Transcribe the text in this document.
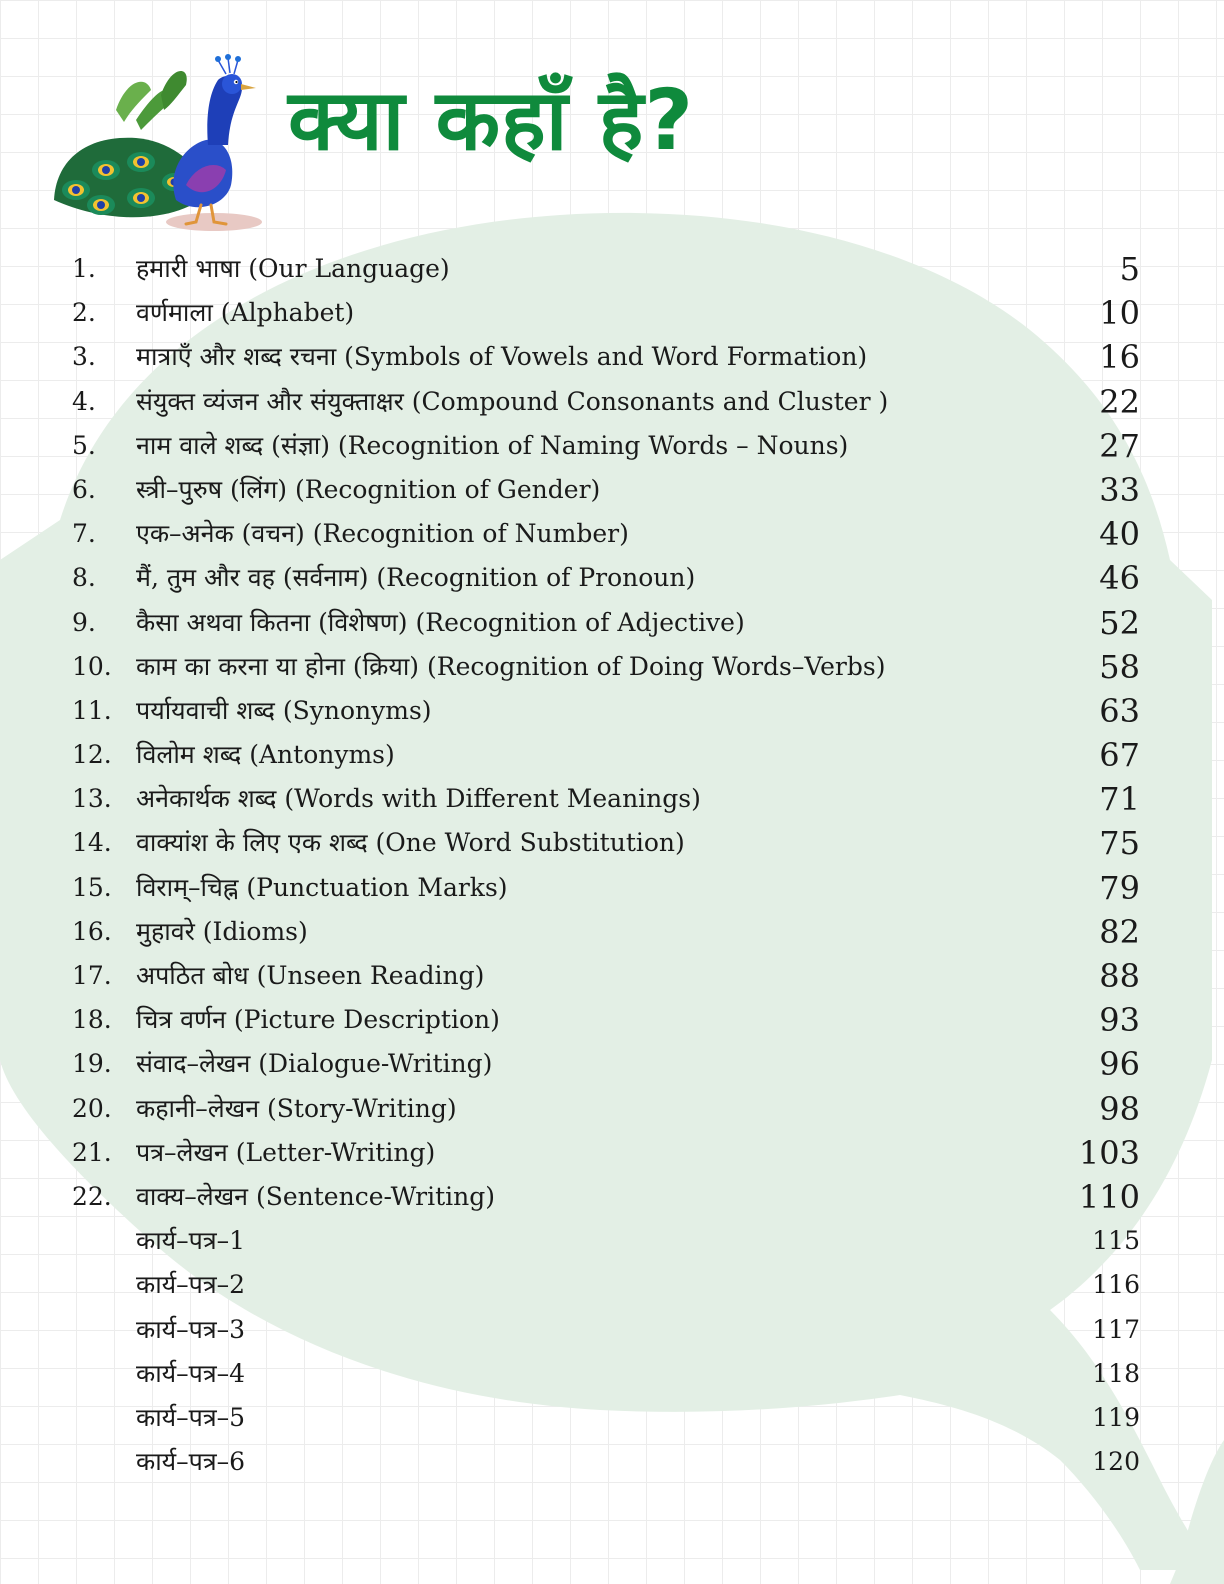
क्या कहाँ है?
1. हमारी भाषा (Our Language)	5
2. वर्णमाला (Alphabet)	10
3. मात्राएँ और शब्द रचना (Symbols of Vowels and Word Formation)	16
4. संयुक्त व्यंजन और संयुक्ताक्षर (Compound Consonants and Cluster )	22
5. नाम वाले शब्द (संज्ञा) (Recognition of Naming Words – Nouns)	27
6. स्त्री–पुरुष (लिंग) (Recognition of Gender)	33
7. एक–अनेक (वचन) (Recognition of Number)	40
8. मैं, तुम और वह (सर्वनाम) (Recognition of Pronoun)	46
9. कैसा अथवा कितना (विशेषण) (Recognition of Adjective)	52
10. काम का करना या होना (क्रिया) (Recognition of Doing Words–Verbs)	58
11. पर्यायवाची शब्द (Synonyms)	63
12. विलोम शब्द (Antonyms)	67
13. अनेकार्थक शब्द (Words with Different Meanings)	71
14. वाक्यांश के लिए एक शब्द (One Word Substitution)	75
15. विराम्–चिह्न (Punctuation Marks)	79
16. मुहावरे (Idioms)	82
17. अपठित बोध (Unseen Reading)	88
18. चित्र वर्णन (Picture Description)	93
19. संवाद–लेखन (Dialogue-Writing)	96
20. कहानी–लेखन (Story-Writing)	98
21. पत्र–लेखन (Letter-Writing)	103
22. वाक्य–लेखन (Sentence-Writing)	110
कार्य–पत्र–1	115
कार्य–पत्र–2	116
कार्य–पत्र–3	117
कार्य–पत्र–4	118
कार्य–पत्र–5	119
कार्य–पत्र–6	120
